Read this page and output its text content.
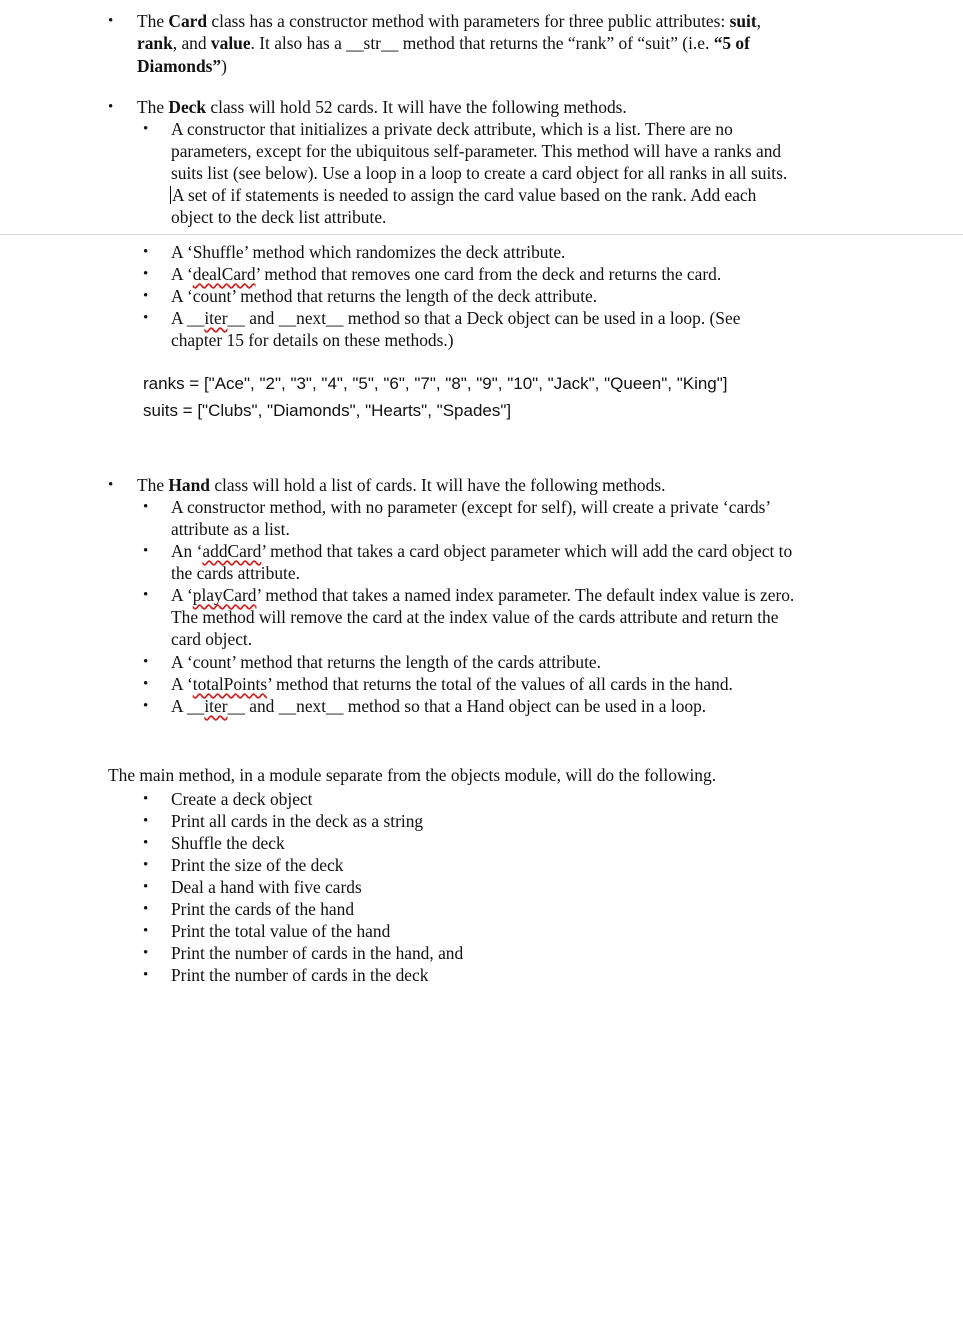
• The Card class has a constructor method with parameters for three public attributes: suit,
rank, and value. It also has a __str__ method that returns the “rank” of “suit” (i.e. “5 of
Diamonds”)
• The Deck class will hold 52 cards. It will have the following methods.
• A constructor that initializes a private deck attribute, which is a list. There are no
parameters, except for the ubiquitous self-parameter. This method will have a ranks and
suits list (see below). Use a loop in a loop to create a card object for all ranks in all suits.
A set of if statements is needed to assign the card value based on the rank. Add each
object to the deck list attribute.
• A ‘Shuffle’ method which randomizes the deck attribute.
• A ‘dealCard’ method that removes one card from the deck and returns the card.
• A ‘count’ method that returns the length of the deck attribute.
• A __iter__ and __next__ method so that a Deck object can be used in a loop. (See
chapter 15 for details on these methods.)
ranks = ["Ace", "2", "3", "4", "5", "6", "7", "8", "9", "10", "Jack", "Queen", "King"]
suits = ["Clubs", "Diamonds", "Hearts", "Spades"]
• The Hand class will hold a list of cards. It will have the following methods.
• A constructor method, with no parameter (except for self), will create a private ‘cards’
attribute as a list.
• An ‘addCard’ method that takes a card object parameter which will add the card object to
the cards attribute.
• A ‘playCard’ method that takes a named index parameter. The default index value is zero.
The method will remove the card at the index value of the cards attribute and return the
card object.
• A ‘count’ method that returns the length of the cards attribute.
• A ‘totalPoints’ method that returns the total of the values of all cards in the hand.
• A __iter__ and __next__ method so that a Hand object can be used in a loop.
The main method, in a module separate from the objects module, will do the following.
• Create a deck object
• Print all cards in the deck as a string
• Shuffle the deck
• Print the size of the deck
• Deal a hand with five cards
• Print the cards of the hand
• Print the total value of the hand
• Print the number of cards in the hand, and
• Print the number of cards in the deck
